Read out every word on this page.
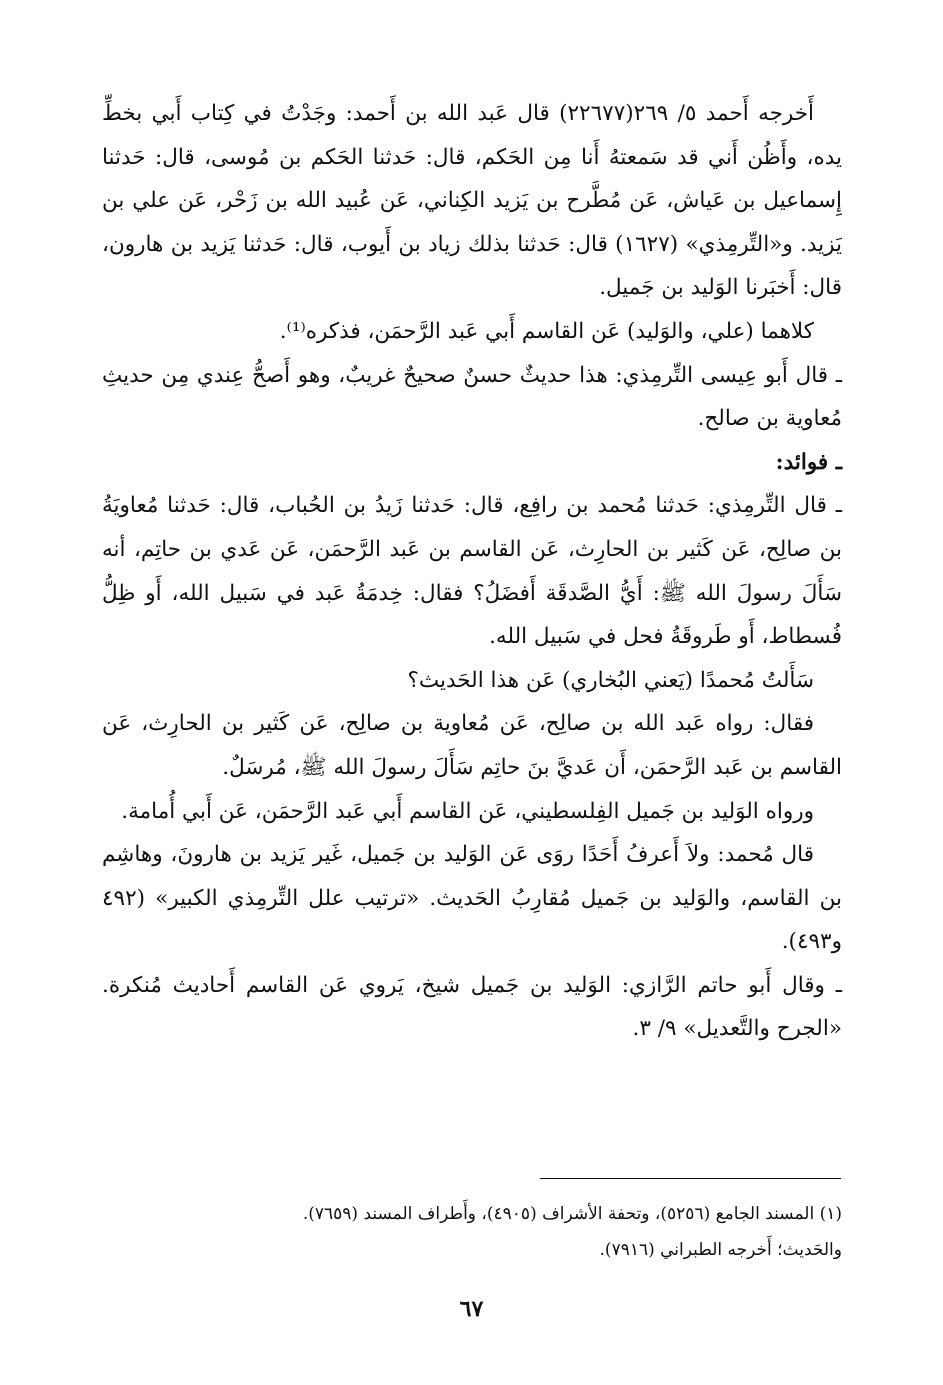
أَخرجه أَحمد ٥/ ٢٦٩(٢٢٦٧٧) قال عَبد الله بن أَحمد: وجَدْتُ في كِتاب أَبي بخطِّ يده، وأَظُن أَني قد سَمعتهُ أَنا مِن الحَكم، قال: حَدثنا الحَكم بن مُوسى، قال: حَدثنا إِسماعيل بن عَياش، عَن مُطَّرح بن يَزيد الكِناني، عَن عُبيد الله بن زَحْر، عَن علي بن يَزيد. و«التِّرمِذي» (١٦٢٧) قال: حَدثنا بذلك زياد بن أَيوب، قال: حَدثنا يَزيد بن هارون، قال: أَخبَرنا الوَليد بن جَميل.

كلاهما (علي، والوَليد) عَن القاسم أَبي عَبد الرَّحمَن، فذكره⁽¹⁾.

ـ قال أَبو عِيسى التِّرمِذي: هذا حديثٌ حسنٌ صحيحٌ غريبٌ، وهو أَصحُّ عِندي مِن حديثِ مُعاوية بن صالح.

ـ فوائد:

ـ قال التِّرمِذي: حَدثنا مُحمد بن رافِع، قال: حَدثنا زَيدُ بن الحُباب، قال: حَدثنا مُعاويَةُ بن صالِح، عَن كَثير بن الحارِث، عَن القاسم بن عَبد الرَّحمَن، عَن عَدي بن حاتِم، أنه سَأَلَ رسولَ الله ﷺ: أَيُّ الصَّدقَة أَفضَلُ؟ فقال: خِدمَةُ عَبد في سَبيل الله، أَو ظِلُّ فُسطاط، أَو طَروقَةُ فحل في سَبيل الله.

سَأَلتُ مُحمدًا (يَعني البُخاري) عَن هذا الحَديث؟

فقال: رواه عَبد الله بن صالِح، عَن مُعاوية بن صالِح، عَن كَثير بن الحارِث، عَن القاسم بن عَبد الرَّحمَن، أَن عَديَّ بنَ حاتِم سَأَلَ رسولَ الله ﷺ، مُرسَلٌ.

ورواه الوَليد بن جَميل الفِلسطيني، عَن القاسم أَبي عَبد الرَّحمَن، عَن أَبي أُمامة.

قال مُحمد: ولاَ أَعرفُ أَحَدًا روَى عَن الوَليد بن جَميل، غَير يَزيد بن هارونَ، وهاشِم بن القاسم، والوَليد بن جَميل مُقارِبُ الحَديث. «ترتيب علل التِّرمِذي الكبير» (٤٩٢ و٤٩٣).

ـ وقال أَبو حاتم الرَّازي: الوَليد بن جَميل شيخ، يَروي عَن القاسم أَحاديث مُنكرة. «الجرح والتَّعديل» ٩/ ٣.

(١) المسند الجامع (٥٢٥٦)، وتحفة الأشراف (٤٩٠٥)، وأَطراف المسند (٧٦٥٩).

والحَديث؛ أَخرجه الطبراني (٧٩١٦).

٦٧
